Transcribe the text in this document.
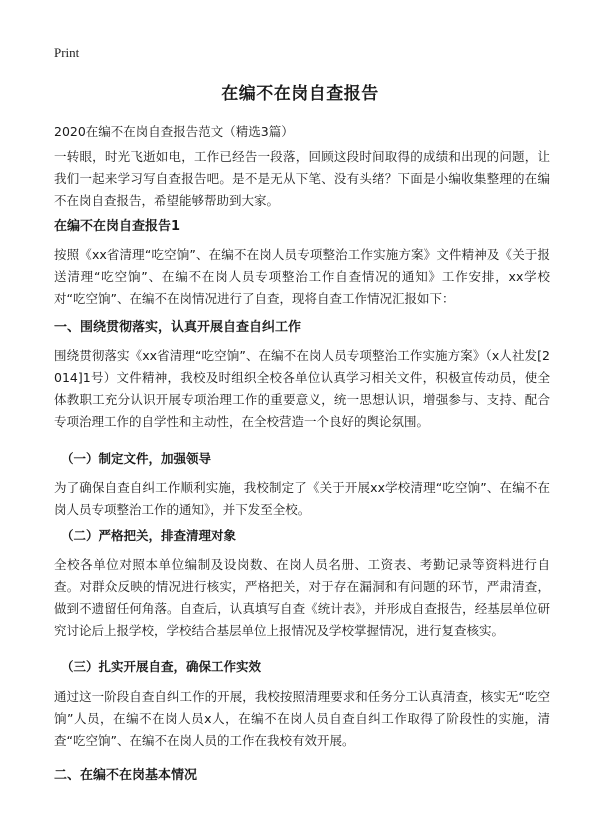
Print
在编不在岗自查报告
2020在编不在岗自查报告范文（精选3篇）

一转眼，时光飞逝如电，工作已经告一段落，回顾这段时间取得的成绩和出现的问题，让我们一起来学习写自查报告吧。是不是无从下笔、没有头绪？下面是小编收集整理的在编不在岗自查报告，希望能够帮助到大家。

在编不在岗自查报告1

按照《xx省清理“吃空饷”、在编不在岗人员专项整治工作实施方案》文件精神及《关于报送清理“吃空饷”、在编不在岗人员专项整治工作自查情况的通知》工作安排，xx学校对“吃空饷”、在编不在岗情况进行了自查，现将自查工作情况汇报如下：

一、围绕贯彻落实，认真开展自查自纠工作

围绕贯彻落实《xx省清理“吃空饷”、在编不在岗人员专项整治工作实施方案》（x人社发[2014]1号）文件精神，我校及时组织全校各单位认真学习相关文件，积极宣传动员，使全体教职工充分认识开展专项治理工作的重要意义，统一思想认识，增强参与、支持、配合专项治理工作的自学性和主动性，在全校营造一个良好的舆论氛围。

（一）制定文件，加强领导

为了确保自查自纠工作顺利实施，我校制定了《关于开展xx学校清理“吃空饷”、在编不在岗人员专项整治工作的通知》，并下发至全校。

（二）严格把关，排查清理对象

全校各单位对照本单位编制及设岗数、在岗人员名册、工资表、考勤记录等资料进行自查。对群众反映的情况进行核实，严格把关，对于存在漏洞和有问题的环节，严肃清查，做到不遗留任何角落。自查后，认真填写自查《统计表》，并形成自查报告，经基层单位研究讨论后上报学校，学校结合基层单位上报情况及学校掌握情况，进行复查核实。

（三）扎实开展自查，确保工作实效

通过这一阶段自查自纠工作的开展，我校按照清理要求和任务分工认真清查，核实无“吃空饷”人员，在编不在岗人员x人，在编不在岗人员自查自纠工作取得了阶段性的实施，清查“吃空饷”、在编不在岗人员的工作在我校有效开展。

二、在编不在岗基本情况
